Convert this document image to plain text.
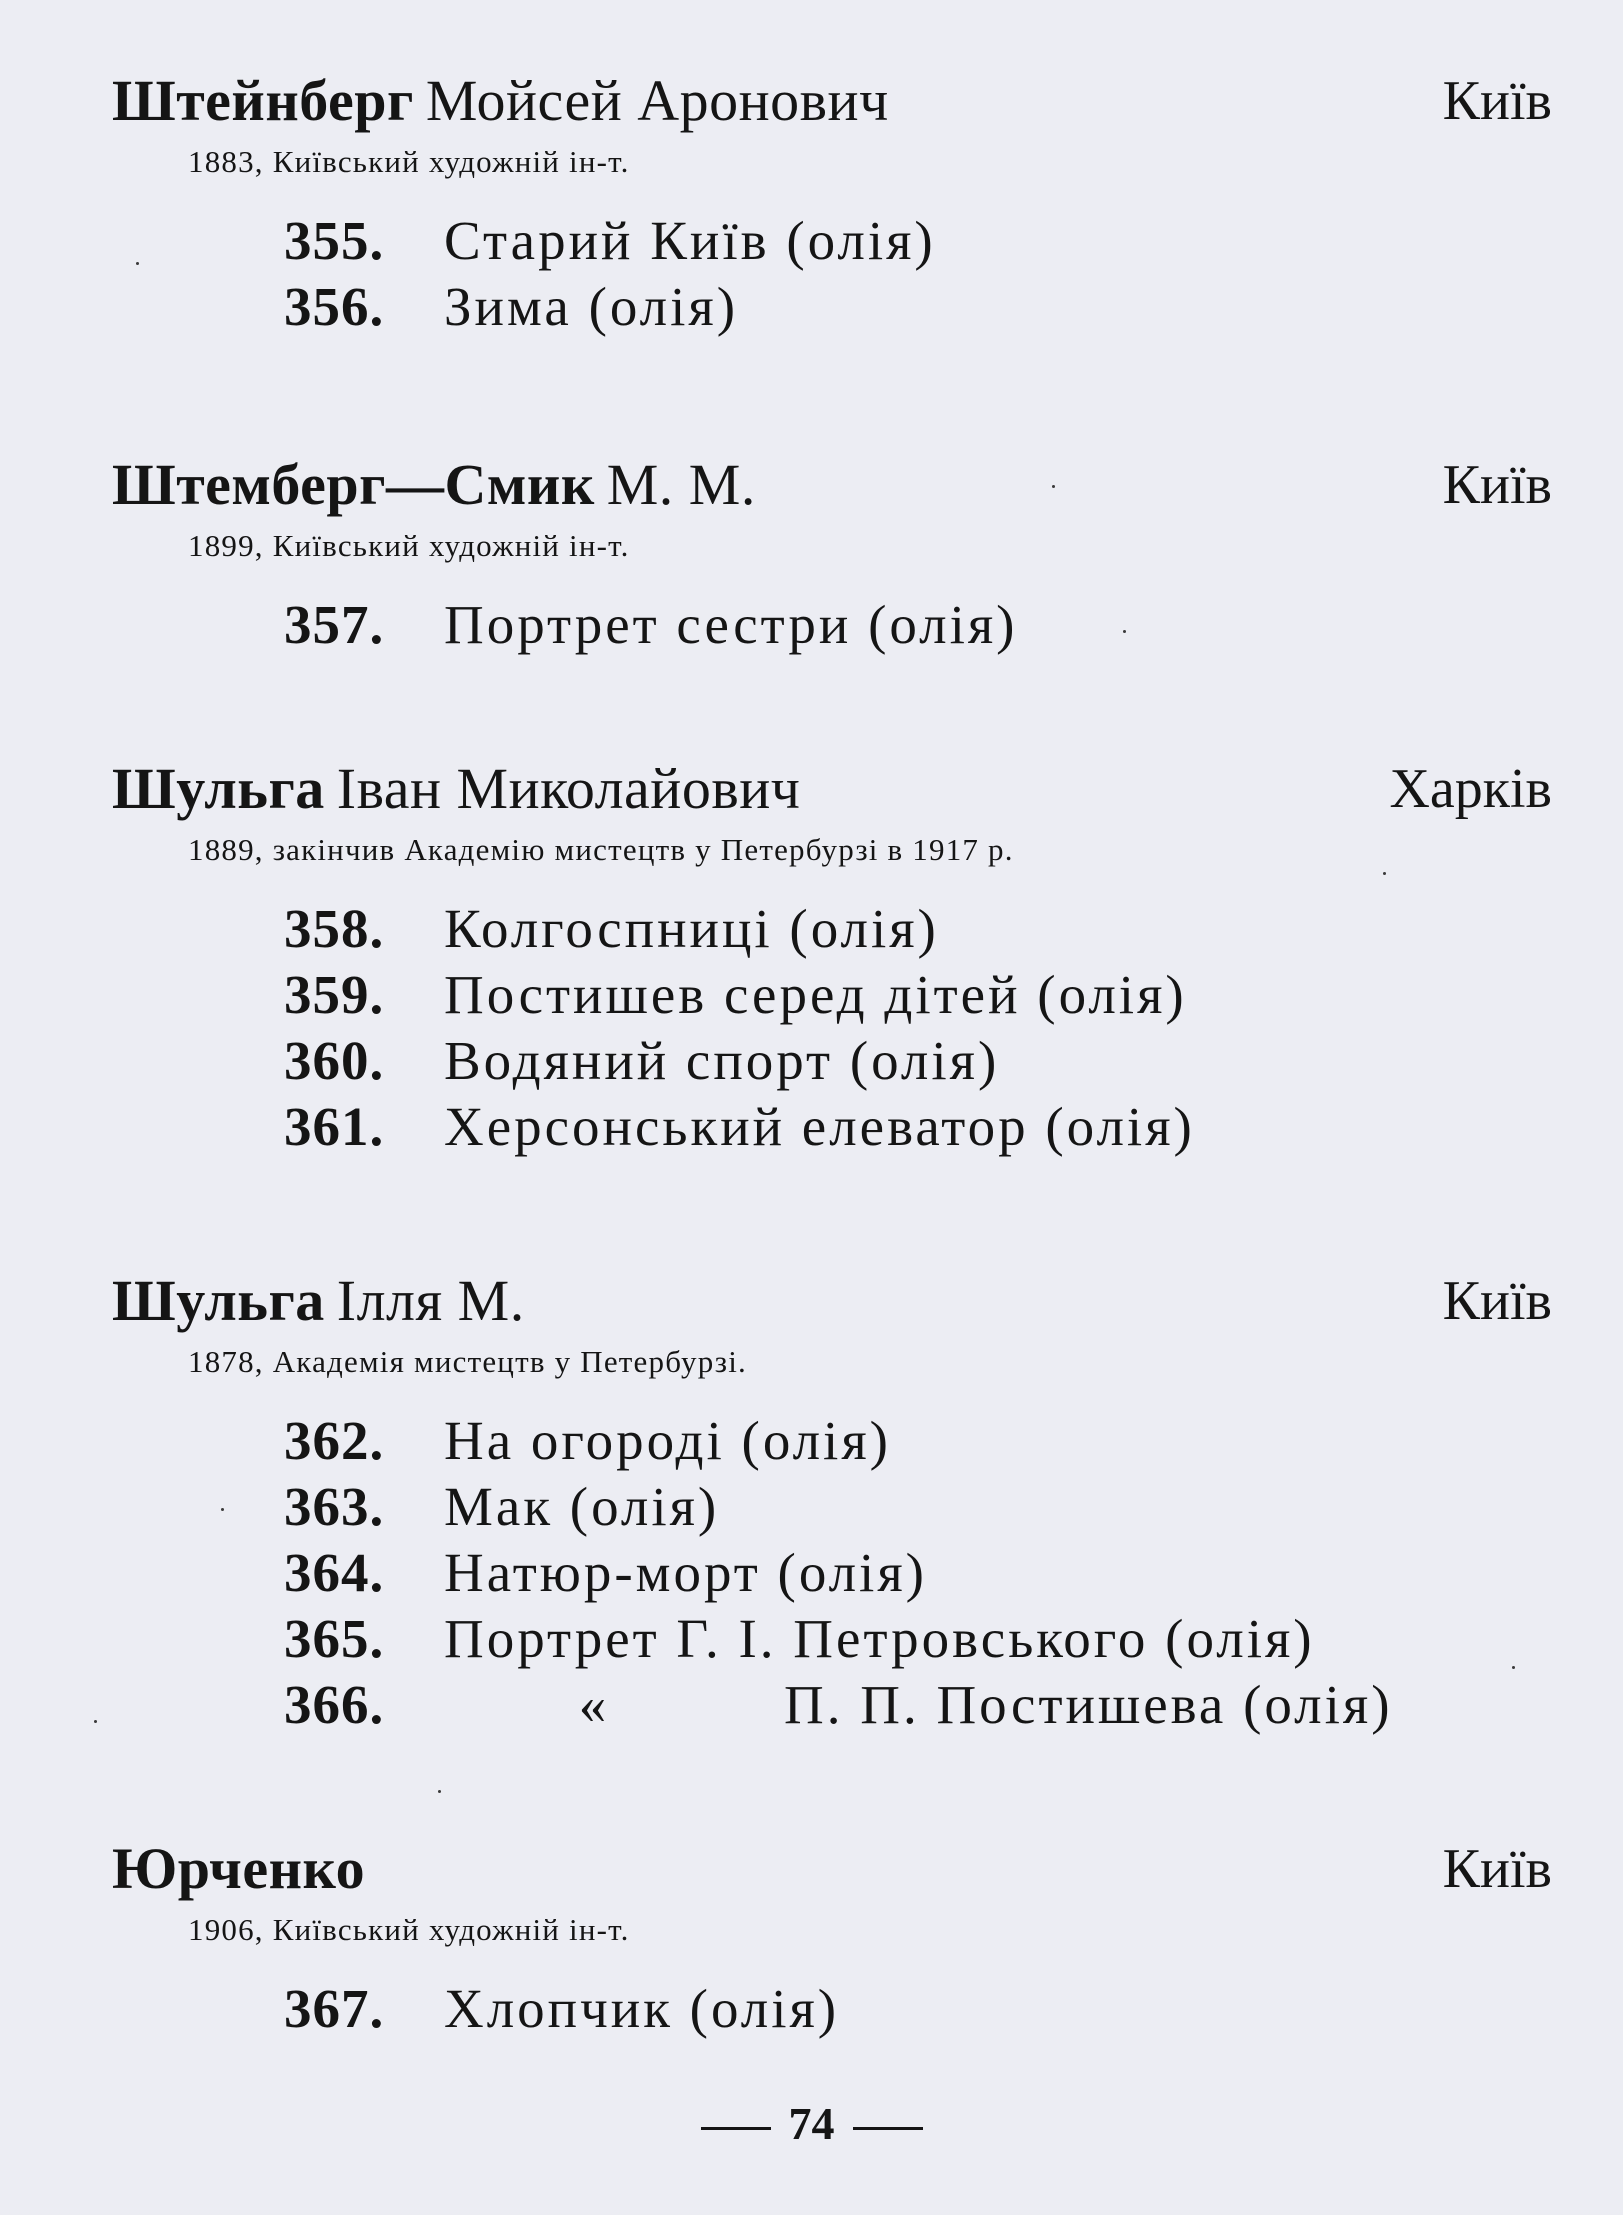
Штейнберг Мойсей Аронович	Київ
1883, Київський художній ін-т.
355. Старий Київ (олія)
356. Зима (олія)
Штемберг—Смик М. М.	Київ
1899, Київський художній ін-т.
357. Портрет сестри (олія)
Шульга Іван Миколайович	Харків
1889, закінчив Академію мистецтв у Петербурзі в 1917 р.
358. Колгоспниці (олія)
359. Постишев серед дітей (олія)
360. Водяний спорт (олія)
361. Херсонський елеватор (олія)
Шульга Ілля М.	Київ
1878, Академія мистецтв у Петербурзі.
362. На огороді (олія)
363. Мак (олія)
364. Натюр-морт (олія)
365. Портрет Г. І. Петровського (олія)
366.	«	П. П. Постишева (олія)
Юрченко	Київ
1906, Київський художній ін-т.
367. Хлопчик (олія)
74
